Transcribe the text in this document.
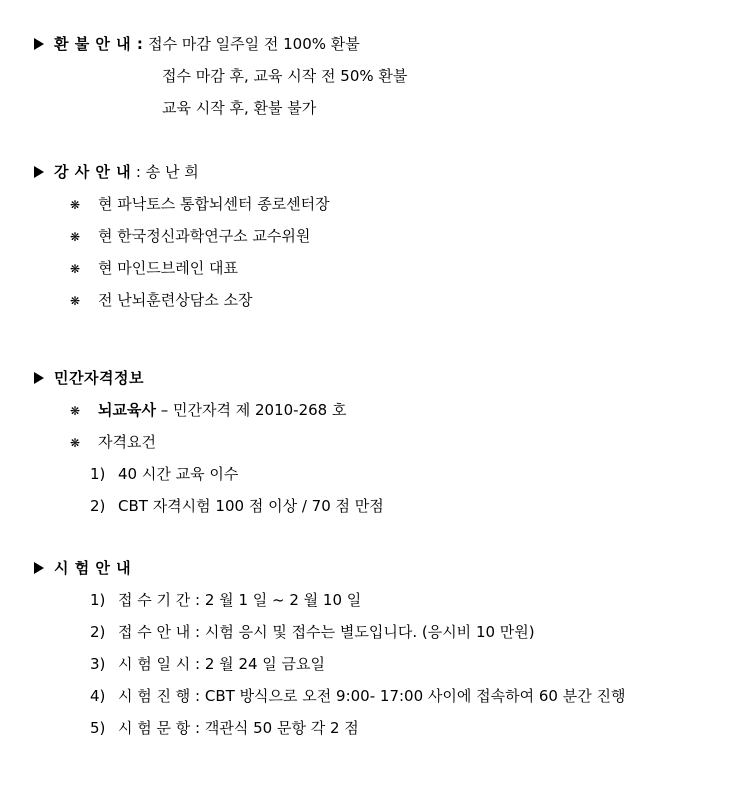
환 불 안 내 : 접수 마감 일주일 전 100% 환불
접수 마감 후, 교육 시작 전 50% 환불
교육 시작 후, 환불 불가
강 사 안 내 : 송 난 희
❋ 현 파낙토스 통합뇌센터 종로센터장
❋ 현 한국정신과학연구소 교수위원
❋ 현 마인드브레인 대표
❋ 전 난뇌훈련상담소 소장
민간자격정보
❋ 뇌교육사 – 민간자격 제 2010-268 호
❋ 자격요건
1) 40 시간 교육 이수
2) CBT 자격시험 100 점 이상 / 70 점 만점
시 험 안 내
1) 접 수 기 간 : 2 월 1 일 ~ 2 월 10 일
2) 접 수 안 내 : 시험 응시 및 접수는 별도입니다. (응시비 10 만원)
3) 시 험 일 시 : 2 월 24 일 금요일
4) 시 험 진 행 : CBT 방식으로 오전 9:00- 17:00 사이에 접속하여 60 분간 진행
5) 시 험 문 항 : 객관식 50 문항 각 2 점
